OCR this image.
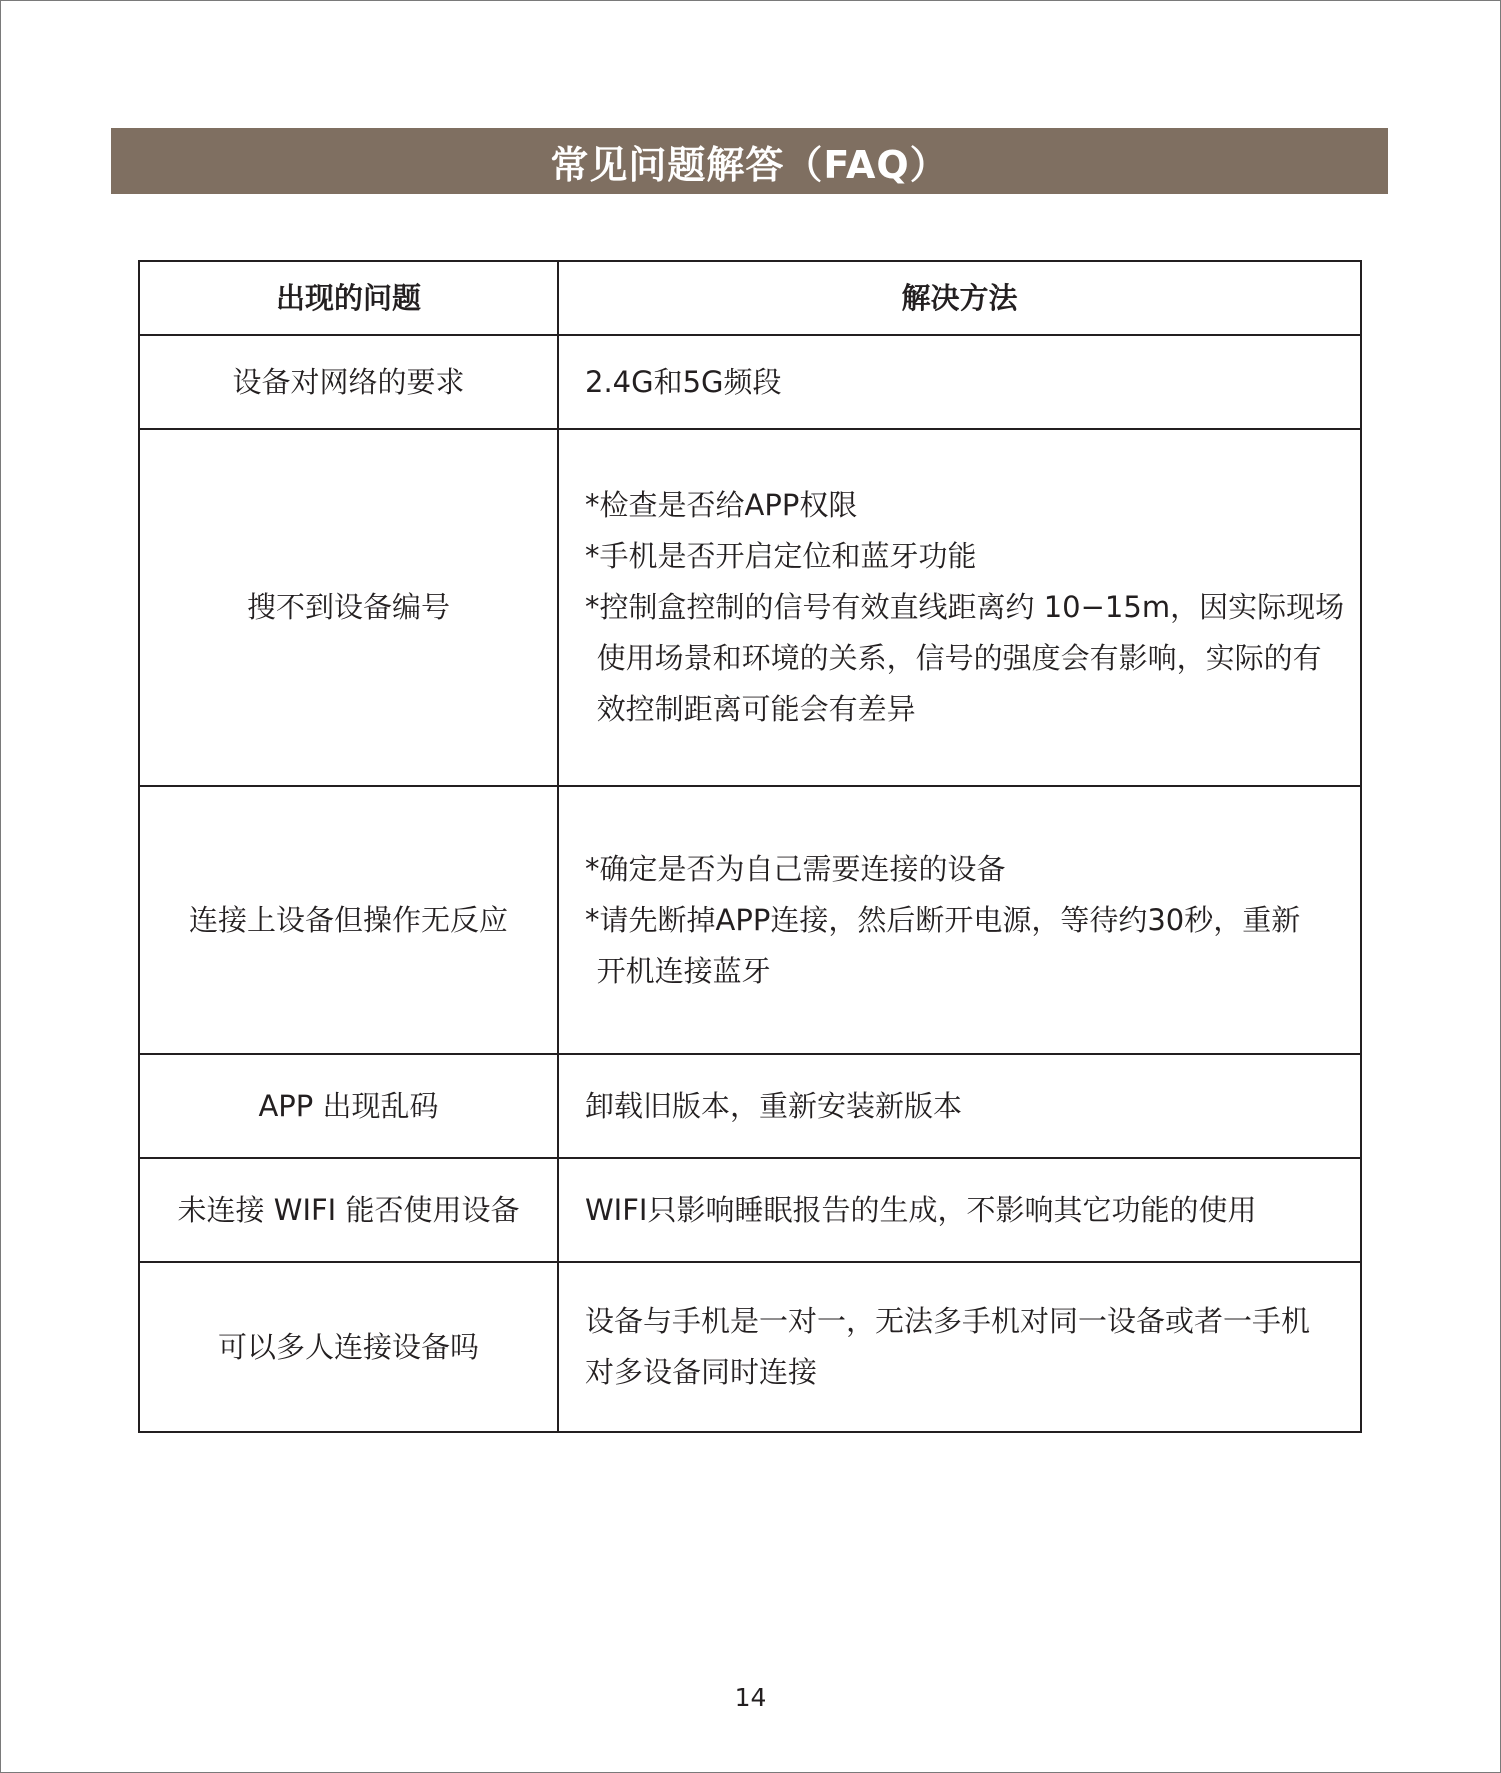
常见问题解答（FAQ）
出现的问题	解决方法
设备对网络的要求	2.4G和5G频段

搜不到设备编号	*检查是否给APP权限
*手机是否开启定位和蓝牙功能
*控制盒控制的信号有效直线距离约 10−15m，因实际现场
使用场景和环境的关系，信号的强度会有影响，实际的有
效控制距离可能会有差异

连接上设备但操作无反应	*确定是否为自己需要连接的设备
*请先断掉APP连接，然后断开电源，等待约30秒，重新
开机连接蓝牙

APP 出现乱码	卸载旧版本，重新安装新版本

未连接 WIFI 能否使用设备	WIFI只影响睡眠报告的生成，不影响其它功能的使用

可以多人连接设备吗	设备与手机是一对一，无法多手机对同一设备或者一手机
对多设备同时连接
14
